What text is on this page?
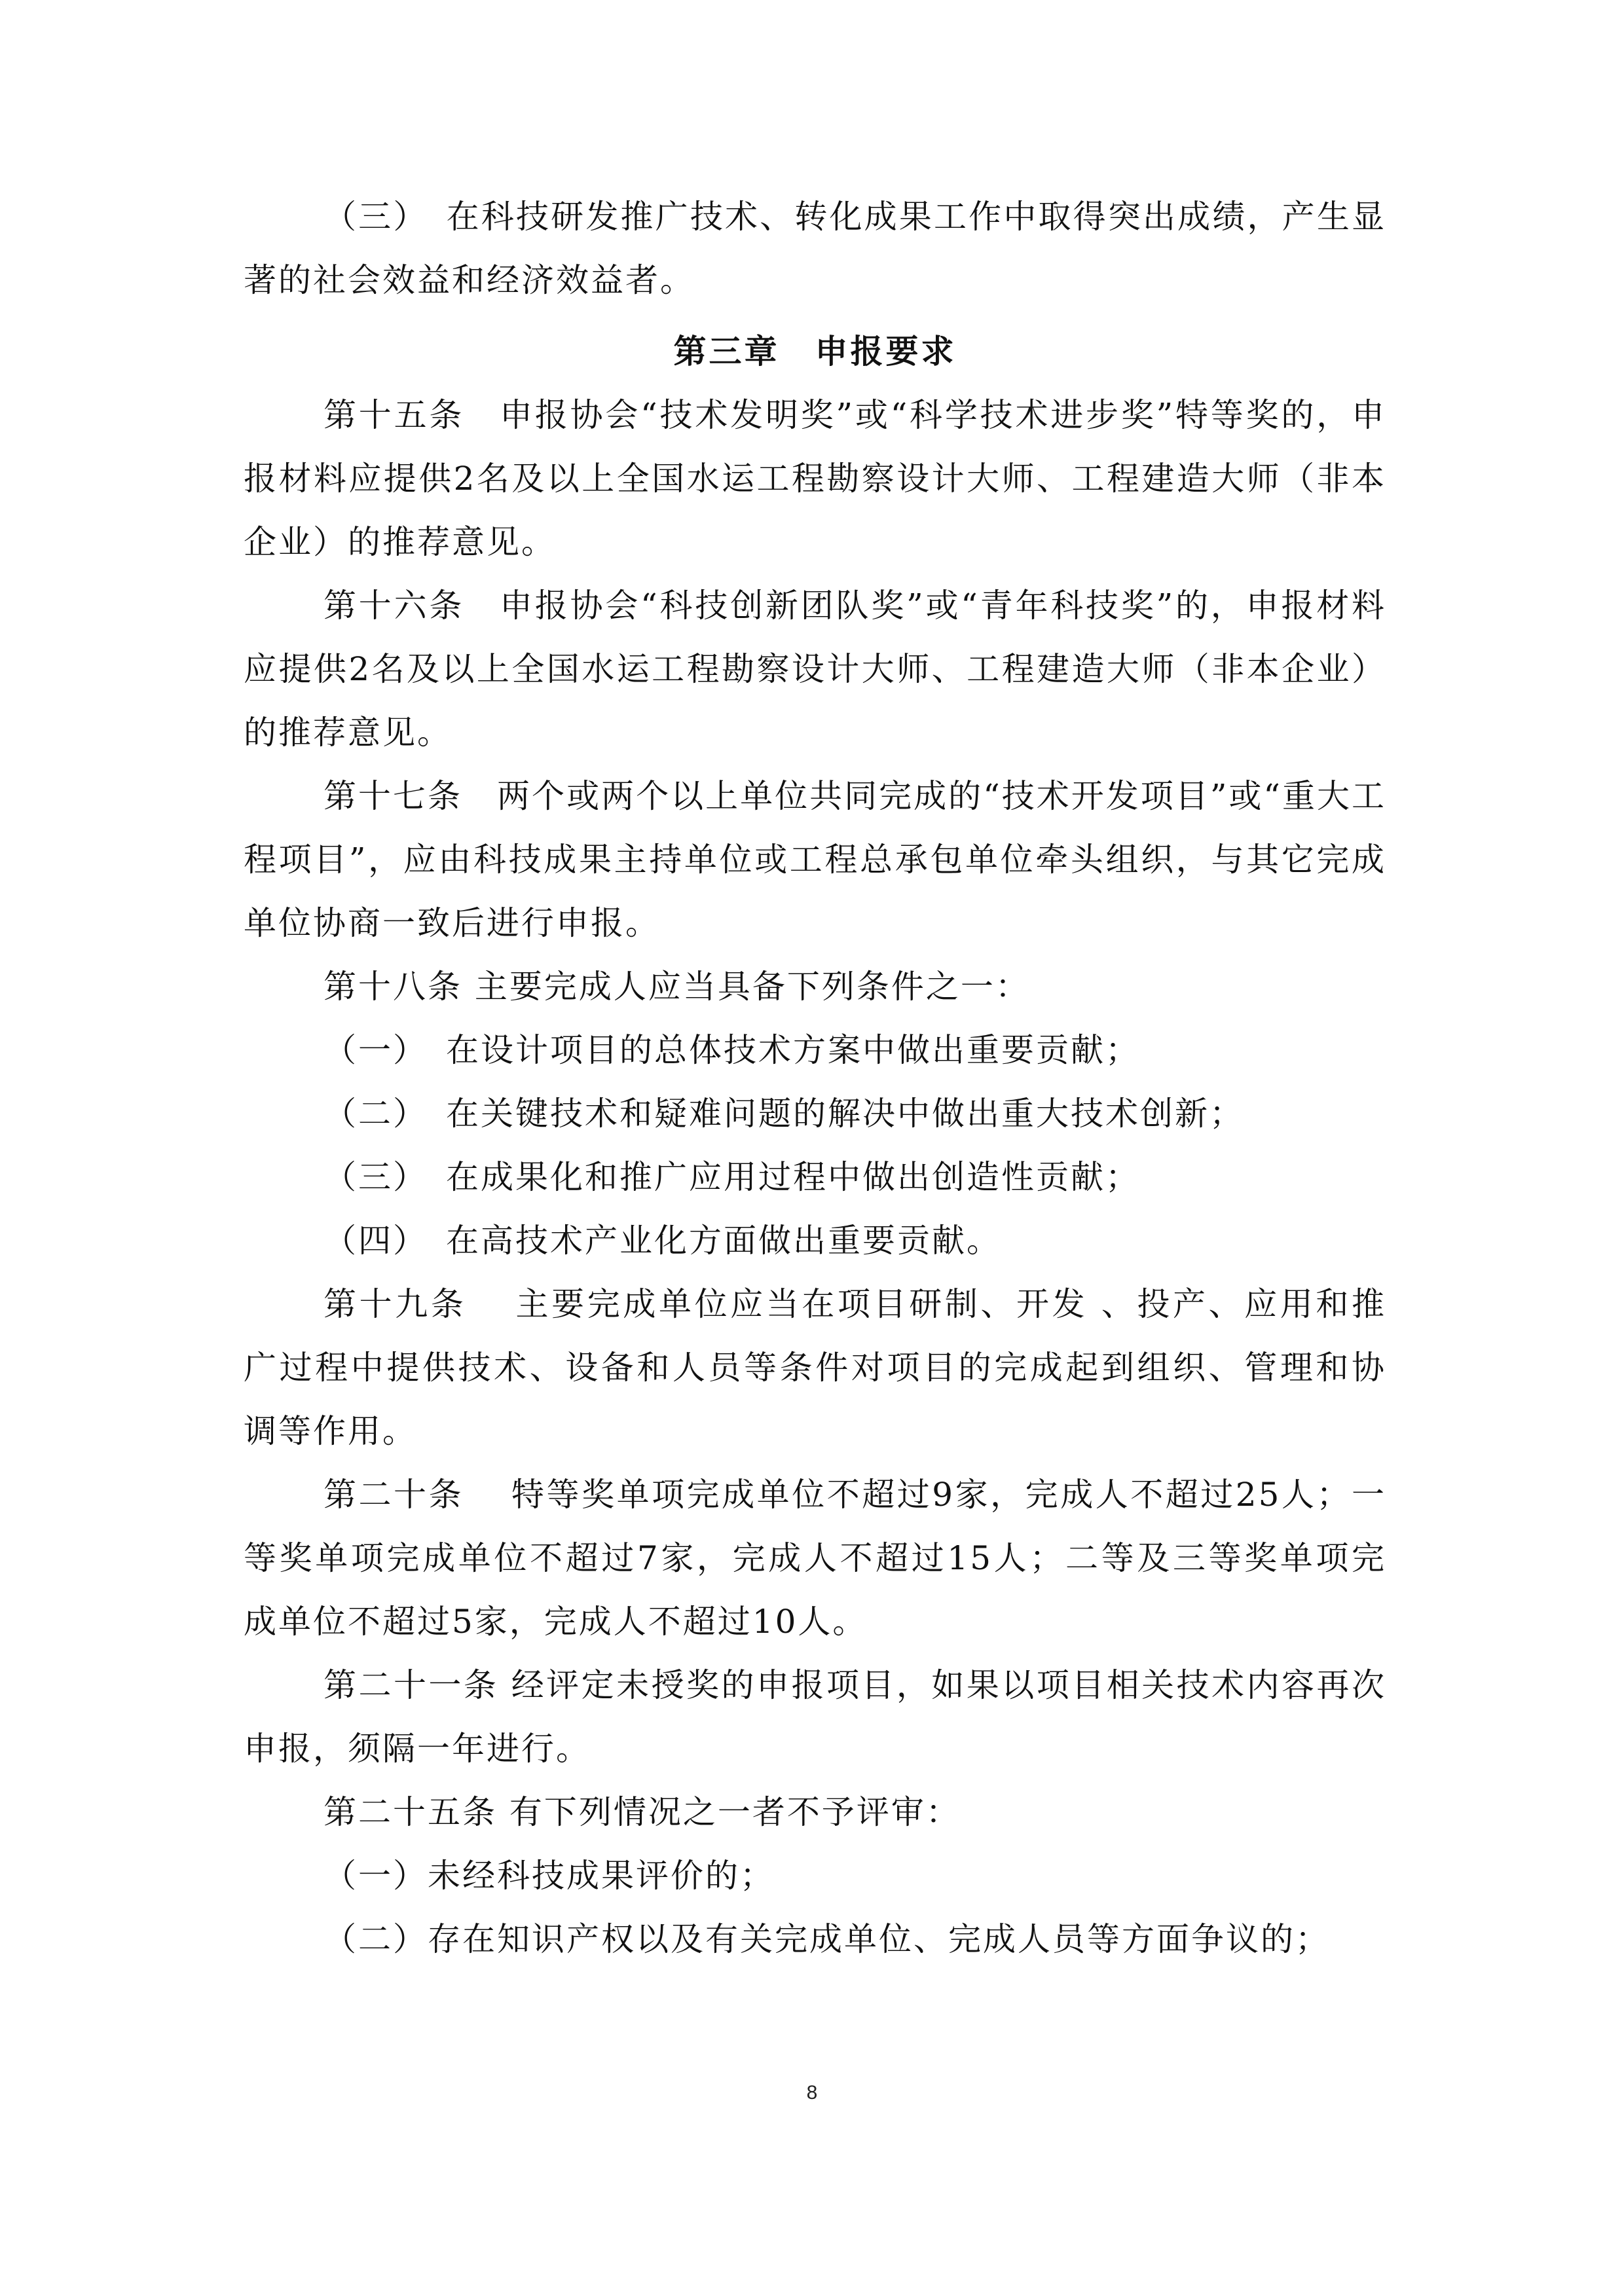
（三）　在科技研发推广技术、转化成果工作中取得突出成绩，产生显著的社会效益和经济效益者。

第三章　申报要求

第十五条　申报协会“技术发明奖”或“科学技术进步奖”特等奖的，申报材料应提供2名及以上全国水运工程勘察设计大师、工程建造大师（非本企业）的推荐意见。

第十六条　申报协会“科技创新团队奖”或“青年科技奖”的，申报材料应提供2名及以上全国水运工程勘察设计大师、工程建造大师（非本企业）的推荐意见。

第十七条　两个或两个以上单位共同完成的“技术开发项目”或“重大工程项目”，应由科技成果主持单位或工程总承包单位牵头组织，与其它完成单位协商一致后进行申报。

第十八条 主要完成人应当具备下列条件之一：

（一）　在设计项目的总体技术方案中做出重要贡献；

（二）　在关键技术和疑难问题的解决中做出重大技术创新；

（三）　在成果化和推广应用过程中做出创造性贡献；

（四）　在高技术产业化方面做出重要贡献。

第十九条　 主要完成单位应当在项目研制、开发 、投产、应用和推广过程中提供技术、设备和人员等条件对项目的完成起到组织、管理和协调等作用。

第二十条　 特等奖单项完成单位不超过9家，完成人不超过25人；一等奖单项完成单位不超过7家，完成人不超过15人；二等及三等奖单项完成单位不超过5家，完成人不超过10人。

第二十一条 经评定未授奖的申报项目，如果以项目相关技术内容再次申报，须隔一年进行。

第二十五条 有下列情况之一者不予评审：

（一）未经科技成果评价的；

（二）存在知识产权以及有关完成单位、完成人员等方面争议的；

8
